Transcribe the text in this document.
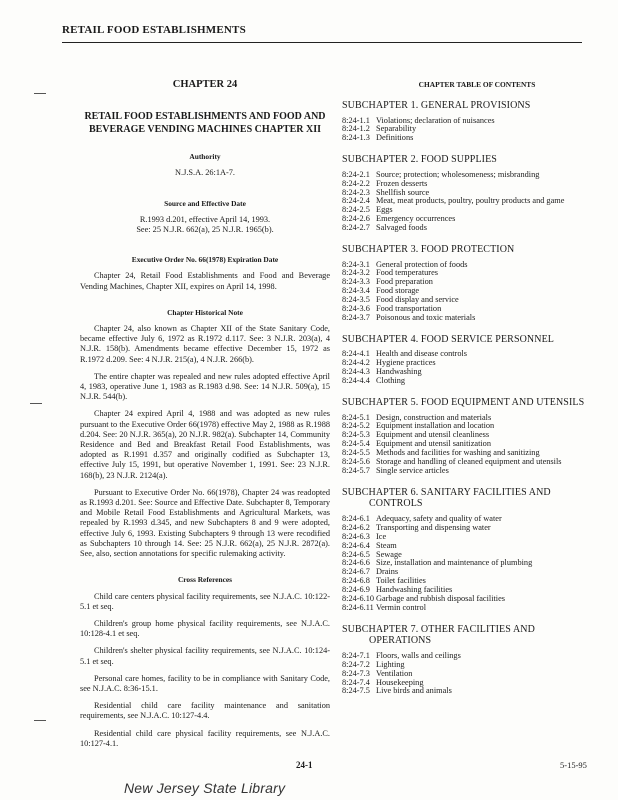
RETAIL FOOD ESTABLISHMENTS
CHAPTER 24
RETAIL FOOD ESTABLISHMENTS AND FOOD AND BEVERAGE VENDING MACHINES CHAPTER XII
Authority
N.J.S.A. 26:1A-7.
Source and Effective Date
R.1993 d.201, effective April 14, 1993.
See: 25 N.J.R. 662(a), 25 N.J.R. 1965(b).
Executive Order No. 66(1978) Expiration Date

Chapter 24, Retail Food Establishments and Food and Beverage Vending Machines, Chapter XII, expires on April 14, 1998.

Chapter Historical Note

Chapter 24, also known as Chapter XII of the State Sanitary Code, became effective July 6, 1972 as R.1972 d.117. See: 3 N.J.R. 203(a), 4 N.J.R. 158(b). Amendments became effective December 15, 1972 as R.1972 d.209. See: 4 N.J.R. 215(a), 4 N.J.R. 266(b).

The entire chapter was repealed and new rules adopted effective April 4, 1983, operative June 1, 1983 as R.1983 d.98. See: 14 N.J.R. 509(a), 15 N.J.R. 544(b).

Chapter 24 expired April 4, 1988 and was adopted as new rules pursuant to the Executive Order 66(1978) effective May 2, 1988 as R.1988 d.204. See: 20 N.J.R. 365(a), 20 N.J.R. 982(a). Subchapter 14, Community Residence and Bed and Breakfast Retail Food Establishments, was adopted as R.1991 d.357 and originally codified as Subchapter 13, effective July 15, 1991, but operative November 1, 1991. See: 23 N.J.R. 168(b), 23 N.J.R. 2124(a).

Pursuant to Executive Order No. 66(1978), Chapter 24 was readopted as R.1993 d.201. See: Source and Effective Date. Subchapter 8, Temporary and Mobile Retail Food Establishments and Agricultural Markets, was repealed by R.1993 d.345, and new Subchapters 8 and 9 were adopted, effective July 6, 1993. Existing Subchapters 9 through 13 were recodified as Subchapters 10 through 14. See: 25 N.J.R. 662(a), 25 N.J.R. 2872(a). See, also, section annotations for specific rulemaking activity.

Cross References

Child care centers physical facility requirements, see N.J.A.C. 10:122-5.1 et seq.

Children's group home physical facility requirements, see N.J.A.C. 10:128-4.1 et seq.

Children's shelter physical facility requirements, see N.J.A.C. 10:124-5.1 et seq.

Personal care homes, facility to be in compliance with Sanitary Code, see N.J.A.C. 8:36-15.1.

Residential child care facility maintenance and sanitation requirements, see N.J.A.C. 10:127-4.4.

Residential child care physical facility requirements, see N.J.A.C. 10:127-4.1.

CHAPTER TABLE OF CONTENTS
SUBCHAPTER 1. GENERAL PROVISIONS
8:24-1.1 Violations; declaration of nuisances
8:24-1.2 Separability
8:24-1.3 Definitions
SUBCHAPTER 2. FOOD SUPPLIES
8:24-2.1 Source; protection; wholesomeness; misbranding
8:24-2.2 Frozen desserts
8:24-2.3 Shellfish source
8:24-2.4 Meat, meat products, poultry, poultry products and game
8:24-2.5 Eggs
8:24-2.6 Emergency occurrences
8:24-2.7 Salvaged foods
SUBCHAPTER 3. FOOD PROTECTION
8:24-3.1 General protection of foods
8:24-3.2 Food temperatures
8:24-3.3 Food preparation
8:24-3.4 Food storage
8:24-3.5 Food display and service
8:24-3.6 Food transportation
8:24-3.7 Poisonous and toxic materials
SUBCHAPTER 4. FOOD SERVICE PERSONNEL
8:24-4.1 Health and disease controls
8:24-4.2 Hygiene practices
8:24-4.3 Handwashing
8:24-4.4 Clothing
SUBCHAPTER 5. FOOD EQUIPMENT AND UTENSILS
8:24-5.1 Design, construction and materials
8:24-5.2 Equipment installation and location
8:24-5.3 Equipment and utensil cleanliness
8:24-5.4 Equipment and utensil sanitization
8:24-5.5 Methods and facilities for washing and sanitizing
8:24-5.6 Storage and handling of cleaned equipment and utensils
8:24-5.7 Single service articles
SUBCHAPTER 6. SANITARY FACILITIES AND
CONTROLS
8:24-6.1 Adequacy, safety and quality of water
8:24-6.2 Transporting and dispensing water
8:24-6.3 Ice
8:24-6.4 Steam
8:24-6.5 Sewage
8:24-6.6 Size, installation and maintenance of plumbing
8:24-6.7 Drains
8:24-6.8 Toilet facilities
8:24-6.9 Handwashing facilities
8:24-6.10 Garbage and rubbish disposal facilities
8:24-6.11 Vermin control
SUBCHAPTER 7. OTHER FACILITIES AND
OPERATIONS
8:24-7.1 Floors, walls and ceilings
8:24-7.2 Lighting
8:24-7.3 Ventilation
8:24-7.4 Housekeeping
8:24-7.5 Live birds and animals
24-1	5-15-95
New Jersey State Library
